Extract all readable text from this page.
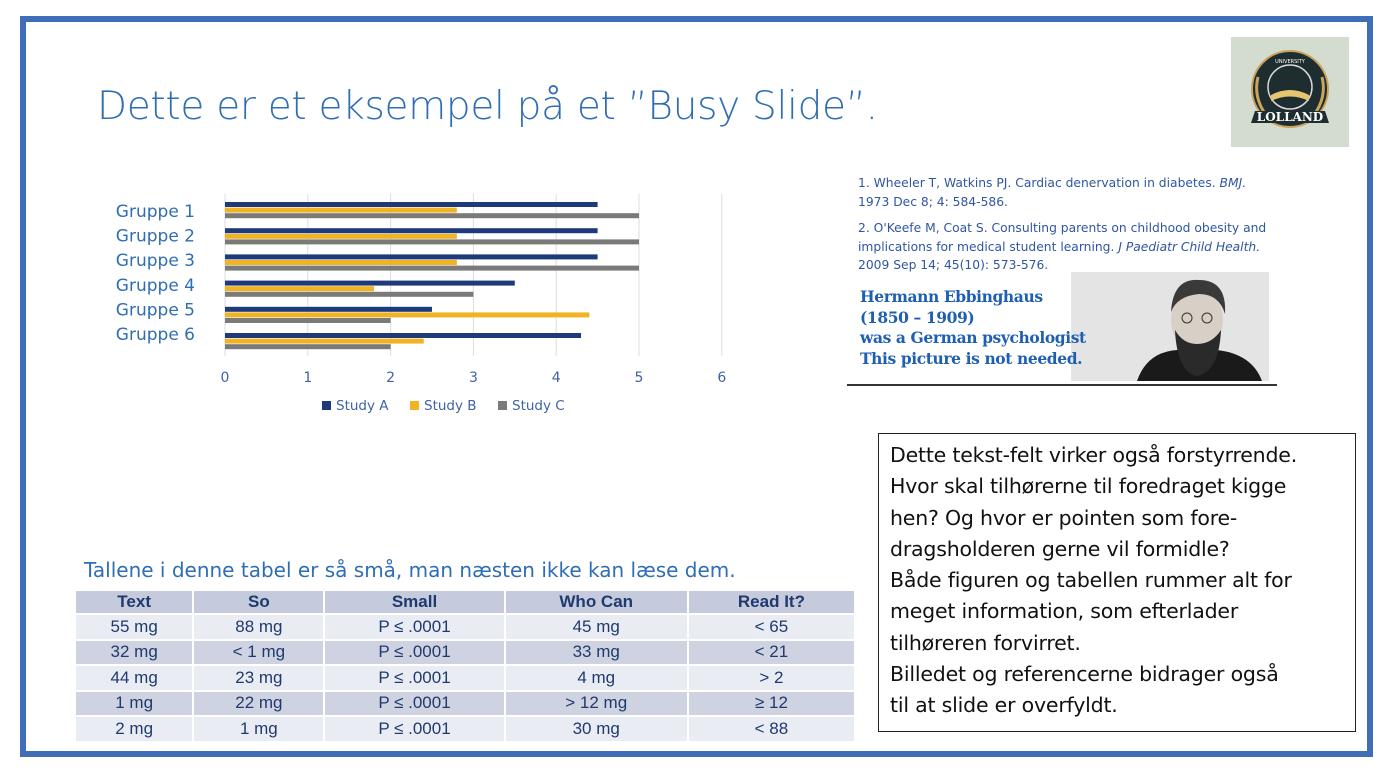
Dette er et eksempel på et ”Busy Slide”.
0	1	2	3	4	5	6
Gruppe 1
Gruppe 2
Gruppe 3
Gruppe 4
Gruppe 5
Gruppe 6
Study A	Study B	Study C
LOLLAND
UNIVERSITY

1. Wheeler T, Watkins PJ. Cardiac denervation in diabetes. BMJ.
1973 Dec 8; 4: 584-586.

2. O'Keefe M, Coat S. Consulting parents on childhood obesity and implications for medical student learning. J Paediatr Child Health.
2009 Sep 14; 45(10): 573-576.

Hermann Ebbinghaus
(1850 – 1909)
was a German psychologist
This picture is not needed.
Tallene i denne tabel er så små, man næsten ikke kan læse dem.
Text	So	Small	Who Can	Read It?
55 mg	88 mg	P ≤ .0001	45 mg	< 65
32 mg	< 1 mg	P ≤ .0001	33 mg	< 21
44 mg	23 mg	P ≤ .0001	4 mg	> 2
1 mg	22 mg	P ≤ .0001	> 12 mg	≥ 12
2 mg	1 mg	P ≤ .0001	30 mg	< 88
Dette tekst-felt virker også forstyrrende.
Hvor skal tilhørerne til foredraget kigge
hen? Og hvor er pointen som fore-
dragsholderen gerne vil formidle?
Både figuren og tabellen rummer alt for
meget information, som efterlader
tilhøreren forvirret.
Billedet og referencerne bidrager også
til at slide er overfyldt.
